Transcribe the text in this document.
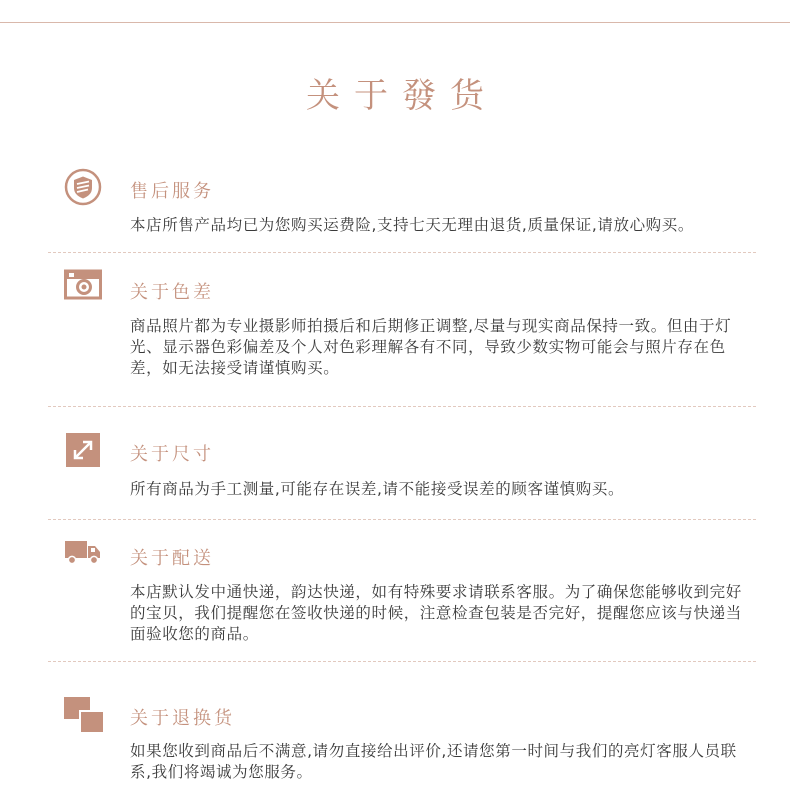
关于發货
售后服务
本店所售产品均已为您购买运费险,支持七天无理由退货,质量保证,请放心购买。
关于色差
商品照片都为专业摄影师拍摄后和后期修正调整,尽量与现实商品保持一致。但由于灯光、显示器色彩偏差及个人对色彩理解各有不同，导致少数实物可能会与照片存在色差，如无法接受请谨慎购买。
关于尺寸
所有商品为手工测量,可能存在误差,请不能接受误差的顾客谨慎购买。
关于配送
本店默认发中通快递，韵达快递，如有特殊要求请联系客服。为了确保您能够收到完好的宝贝，我们提醒您在签收快递的时候，注意检查包装是否完好，提醒您应该与快递当面验收您的商品。
关于退换货
如果您收到商品后不满意,请勿直接给出评价,还请您第一时间与我们的亮灯客服人员联系,我们将竭诚为您服务。
